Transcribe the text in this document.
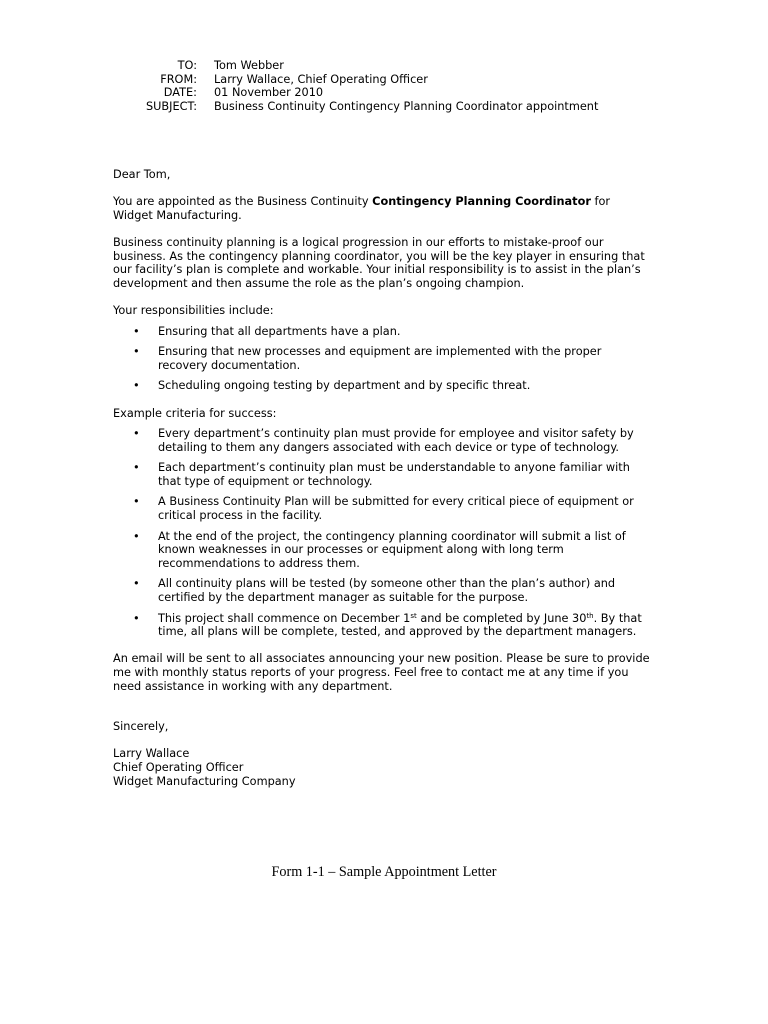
TO: Tom Webber
FROM: Larry Wallace, Chief Operating Officer
DATE: 01 November 2010
SUBJECT: Business Continuity Contingency Planning Coordinator appointment

Dear Tom,

You are appointed as the Business Continuity Contingency Planning Coordinator for
Widget Manufacturing.
Business continuity planning is a logical progression in our efforts to mistake-proof our
business. As the contingency planning coordinator, you will be the key player in ensuring that
our facility’s plan is complete and workable. Your initial responsibility is to assist in the plan’s
development and then assume the role as the plan’s ongoing champion.

Your responsibilities include:

• Ensuring that all departments have a plan.
• Ensuring that new processes and equipment are implemented with the proper
recovery documentation.
• Scheduling ongoing testing by department and by specific threat.

Example criteria for success:

• Every department’s continuity plan must provide for employee and visitor safety by
detailing to them any dangers associated with each device or type of technology.
• Each department’s continuity plan must be understandable to anyone familiar with
that type of equipment or technology.
• A Business Continuity Plan will be submitted for every critical piece of equipment or
critical process in the facility.
• At the end of the project, the contingency planning coordinator will submit a list of
known weaknesses in our processes or equipment along with long term
recommendations to address them.
• All continuity plans will be tested (by someone other than the plan’s author) and
certified by the department manager as suitable for the purpose.
• This project shall commence on December 1st and be completed by June 30th. By that
time, all plans will be complete, tested, and approved by the department managers.
An email will be sent to all associates announcing your new position. Please be sure to provide
me with monthly status reports of your progress. Feel free to contact me at any time if you
need assistance in working with any department.

Sincerely,

Larry Wallace
Chief Operating Officer
Widget Manufacturing Company
Form 1-1 – Sample Appointment Letter
